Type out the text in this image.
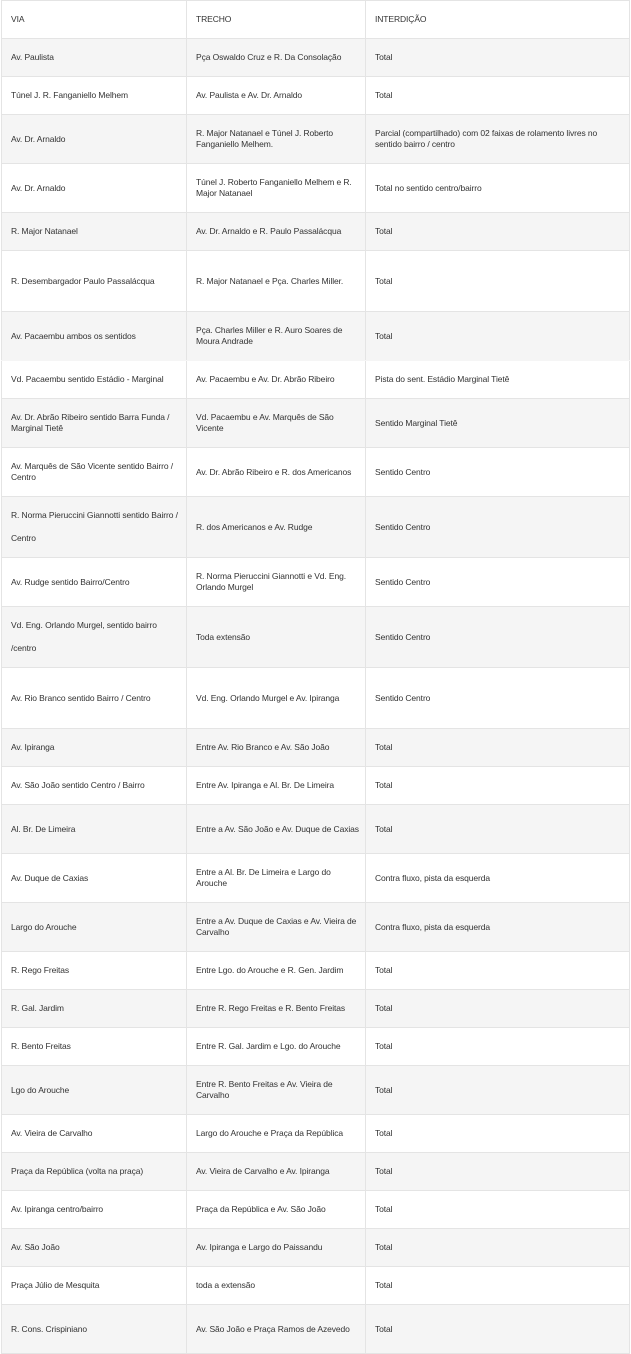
VIA	TRECHO	INTERDIÇÃO
Av. Paulista	Pça Oswaldo Cruz e R. Da Consolação	Total
Túnel J. R. Fanganiello Melhem	Av. Paulista e Av. Dr. Arnaldo	Total
Av. Dr. Arnaldo	R. Major Natanael e Túnel J. Roberto Fanganiello Melhem.	Parcial (compartilhado) com 02 faixas de rolamento livres no sentido bairro / centro
Av. Dr. Arnaldo	Túnel J. Roberto Fanganiello Melhem e R. Major Natanael	Total no sentido centro/bairro
R. Major Natanael	Av. Dr. Arnaldo e R. Paulo Passalácqua	Total
R. Desembargador Paulo Passalácqua	R. Major Natanael e Pça. Charles Miller.	Total
Av. Pacaembu ambos os sentidos	Pça. Charles Miller e R. Auro Soares de Moura Andrade	Total
Vd. Pacaembu sentido Estádio - Marginal	Av. Pacaembu e Av. Dr. Abrão Ribeiro	Pista do sent. Estádio Marginal Tietê
Av. Dr. Abrão Ribeiro sentido Barra Funda / Marginal Tietê	Vd. Pacaembu e Av. Marquês de São Vicente	Sentido Marginal Tietê
Av. Marquês de São Vicente sentido Bairro / Centro	Av. Dr. Abrão Ribeiro e R. dos Americanos	Sentido Centro
R. Norma Pieruccini Giannotti sentido Bairro / Centro	R. dos Americanos e Av. Rudge	Sentido Centro
Av. Rudge sentido Bairro/Centro	R. Norma Pieruccini Giannotti e Vd. Eng. Orlando Murgel	Sentido Centro
Vd. Eng. Orlando Murgel, sentido bairro /centro	Toda extensão	Sentido Centro
Av. Rio Branco sentido Bairro / Centro	Vd. Eng. Orlando Murgel e Av. Ipiranga	Sentido Centro
Av. Ipiranga	Entre Av. Rio Branco e Av. São João	Total
Av. São João sentido Centro / Bairro	Entre Av. Ipiranga e Al. Br. De Limeira	Total
Al. Br. De Limeira	Entre a Av. São João e Av. Duque de Caxias	Total
Av. Duque de Caxias	Entre a Al. Br. De Limeira e Largo do Arouche	Contra fluxo, pista da esquerda
Largo do Arouche	Entre a Av. Duque de Caxias e Av. Vieira de Carvalho	Contra fluxo, pista da esquerda
R. Rego Freitas	Entre Lgo. do Arouche e R. Gen. Jardim	Total
R. Gal. Jardim	Entre R. Rego Freitas e R. Bento Freitas	Total
R. Bento Freitas	Entre R. Gal. Jardim e Lgo. do Arouche	Total
Lgo do Arouche	Entre R. Bento Freitas e Av. Vieira de Carvalho	Total
Av. Vieira de Carvalho	Largo do Arouche e Praça da República	Total
Praça da República (volta na praça)	Av. Vieira de Carvalho e Av. Ipiranga	Total
Av. Ipiranga centro/bairro	Praça da República e Av. São João	Total
Av. São João	Av. Ipiranga e Largo do Paissandu	Total
Praça Júlio de Mesquita	toda a extensão	Total
R. Cons. Crispiniano	Av. São João e Praça Ramos de Azevedo	Total
